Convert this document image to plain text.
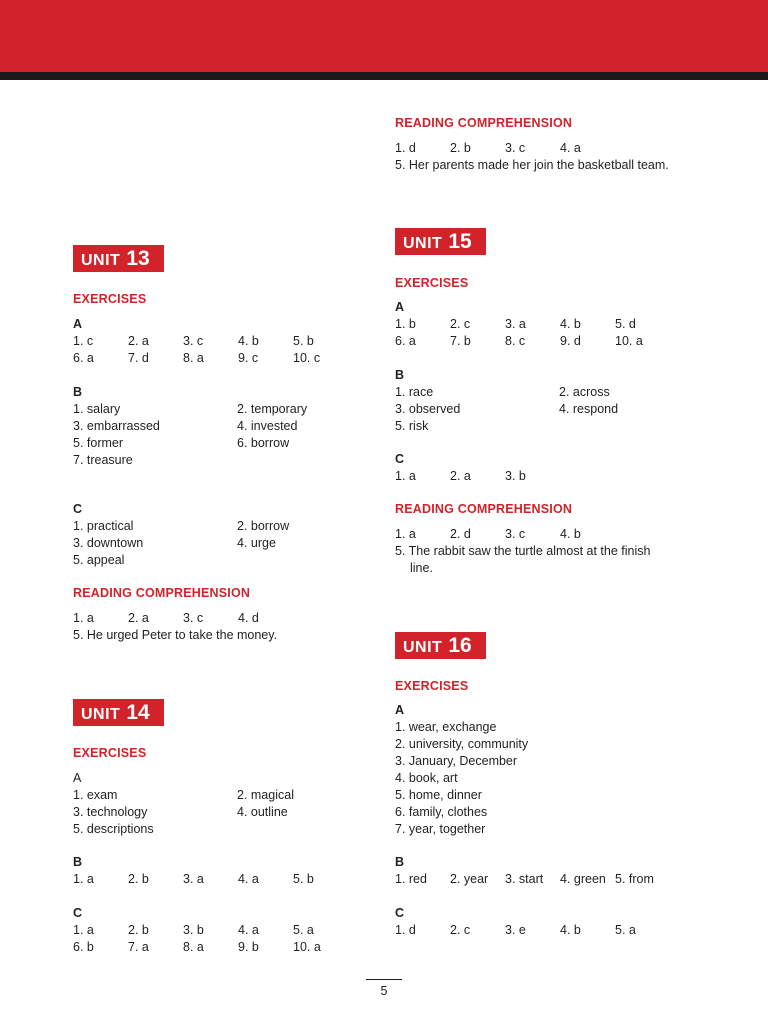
READING COMPREHENSION
1. d	2. b	3. c	4. a
5. Her parents made her join the basketball team.
UNIT 13
EXERCISES
A
1. c	2. a	3. c	4. b	5. b
6. a	7. d	8. a	9. c	10. c
B
1. salary	2. temporary
3. embarrassed	4. invested
5. former	6. borrow
7. treasure
C
1. practical	2. borrow
3. downtown	4. urge
5. appeal
READING COMPREHENSION
1. a	2. a	3. c	4. d
5. He urged Peter to take the money.
UNIT 14
EXERCISES
A
1. exam	2. magical
3. technology	4. outline
5. descriptions
B
1. a	2. b	3. a	4. a	5. b
C
1. a	2. b	3. b	4. a	5. a
6. b	7. a	8. a	9. b	10. a
UNIT 15
EXERCISES
A
1. b	2. c	3. a	4. b	5. d
6. a	7. b	8. c	9. d	10. a
B
1. race	2. across
3. observed	4. respond
5. risk
C
1. a	2. a	3. b
READING COMPREHENSION
1. a	2. d	3. c	4. b
5. The rabbit saw the turtle almost at the finish
line.
UNIT 16
EXERCISES
A
1. wear, exchange
2. university, community
3. January, December
4. book, art
5. home, dinner
6. family, clothes
7. year, together
B
1. red	2. year	3. start	4. green 5. from
C
1. d	2. c	3. e	4. b	5. a
5
